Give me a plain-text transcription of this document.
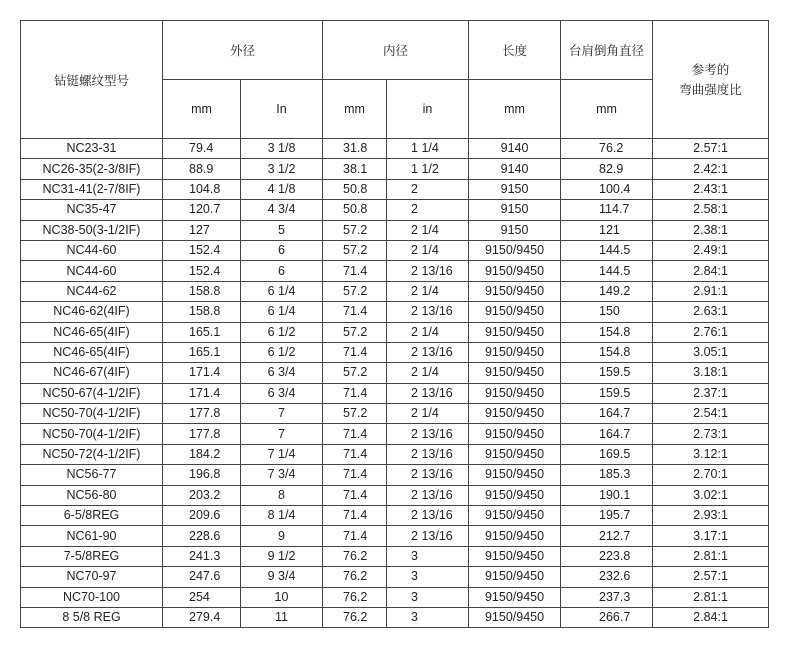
钻铤螺纹型号	外径		内径		长度	台肩倒角直径	参考的
弯曲强度比

	mm	In	mm	in	mm	mm	
NC23-31	79.4	3 1/8	31.8	1 1/4	9140	76.2	2.57:1
NC26-35(2-3/8IF)	88.9	3 1/2	38.1	1 1/2	9140	82.9	2.42:1
NC31-41(2-7/8IF)	104.8	4 1/8	50.8	2	9150	100.4	2.43:1
NC35-47	120.7	4 3/4	50.8	2	9150	114.7	2.58:1
NC38-50(3-1/2IF)	127	5	57.2	2 1/4	9150	121	2.38:1
NC44-60	152.4	6	57.2	2 1/4	9150/9450	144.5	2.49:1
NC44-60	152.4	6	71.4	2 13/16	9150/9450	144.5	2.84:1
NC44-62	158.8	6 1/4	57.2	2 1/4	9150/9450	149.2	2.91:1
NC46-62(4IF)	158.8	6 1/4	71.4	2 13/16	9150/9450	150	2.63:1
NC46-65(4IF)	165.1	6 1/2	57.2	2 1/4	9150/9450	154.8	2.76:1
NC46-65(4IF)	165.1	6 1/2	71.4	2 13/16	9150/9450	154.8	3.05:1
NC46-67(4IF)	171.4	6 3/4	57.2	2 1/4	9150/9450	159.5	3.18:1
NC50-67(4-1/2IF)	171.4	6 3/4	71.4	2 13/16	9150/9450	159.5	2.37:1
NC50-70(4-1/2IF)	177.8	7	57.2	2 1/4	9150/9450	164.7	2.54:1
NC50-70(4-1/2IF)	177.8	7	71.4	2 13/16	9150/9450	164.7	2.73:1
NC50-72(4-1/2IF)	184.2	7 1/4	71.4	2 13/16	9150/9450	169.5	3.12:1
NC56-77	196.8	7 3/4	71.4	2 13/16	9150/9450	185.3	2.70:1
NC56-80	203.2	8	71.4	2 13/16	9150/9450	190.1	3.02:1
6-5/8REG	209.6	8 1/4	71.4	2 13/16	9150/9450	195.7	2.93:1
NC61-90	228.6	9	71.4	2 13/16	9150/9450	212.7	3.17:1
7-5/8REG	241.3	9 1/2	76.2	3	9150/9450	223.8	2.81:1
NC70-97	247.6	9 3/4	76.2	3	9150/9450	232.6	2.57:1
NC70-100	254	10	76.2	3	9150/9450	237.3	2.81:1
8 5/8 REG	279.4	11	76.2	3	9150/9450	266.7	2.84:1
